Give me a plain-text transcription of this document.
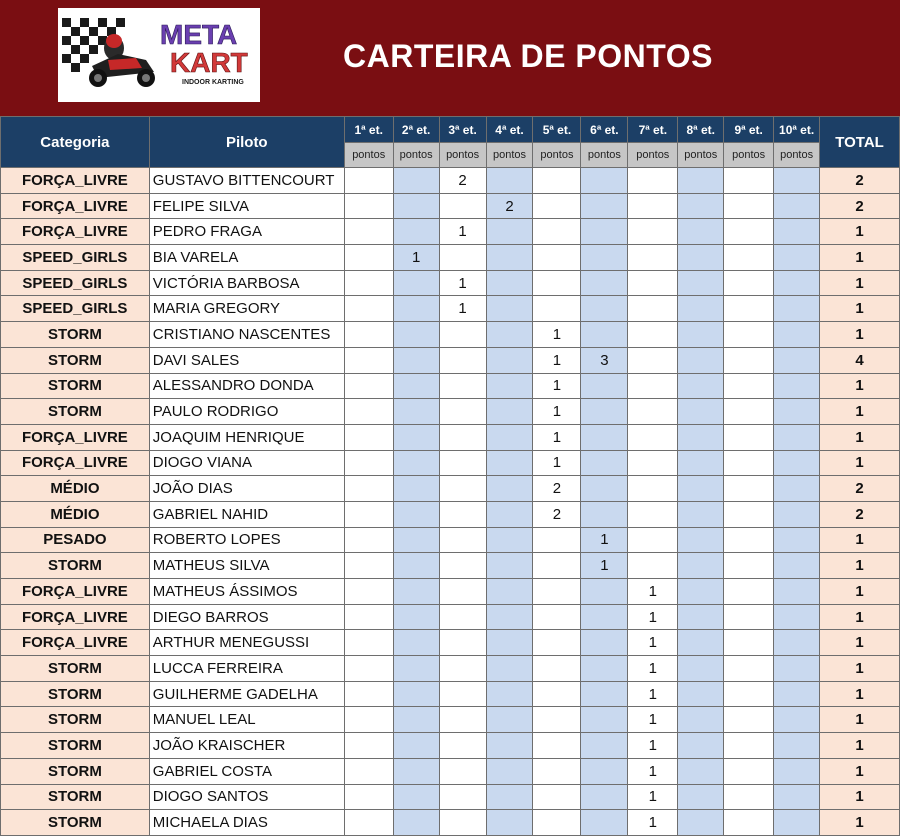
META
KART
INDOOR KARTING
CARTEIRA DE PONTOS
Categoria	Piloto	1ª et.	2ª et.	3ª et.	4ª et.	5ª et.	6ª et.	7ª et.	8ª et.	9ª et.	10ª et.	TOTAL
		pontos	pontos	pontos	pontos	pontos	pontos	pontos	pontos	pontos	pontos	
FORÇA_LIVRE	GUSTAVO BITTENCOURT			2								2
FORÇA_LIVRE	FELIPE SILVA				2							2
FORÇA_LIVRE	PEDRO FRAGA			1								1
SPEED_GIRLS	BIA VARELA		1									1
SPEED_GIRLS	VICTÓRIA BARBOSA			1								1
SPEED_GIRLS	MARIA GREGORY			1								1
STORM	CRISTIANO NASCENTES					1						1
STORM	DAVI SALES					1	3					4
STORM	ALESSANDRO DONDA					1						1
STORM	PAULO RODRIGO					1						1
FORÇA_LIVRE	JOAQUIM HENRIQUE					1						1
FORÇA_LIVRE	DIOGO VIANA					1						1
MÉDIO	JOÃO DIAS					2						2
MÉDIO	GABRIEL NAHID					2						2
PESADO	ROBERTO LOPES						1					1
STORM	MATHEUS SILVA						1					1
FORÇA_LIVRE	MATHEUS ÁSSIMOS							1				1
FORÇA_LIVRE	DIEGO BARROS							1				1
FORÇA_LIVRE	ARTHUR MENEGUSSI							1				1
STORM	LUCCA FERREIRA							1				1
STORM	GUILHERME GADELHA							1				1
STORM	MANUEL LEAL							1				1
STORM	JOÃO KRAISCHER							1				1
STORM	GABRIEL COSTA							1				1
STORM	DIOGO SANTOS							1				1
STORM	MICHAELA DIAS							1				1
